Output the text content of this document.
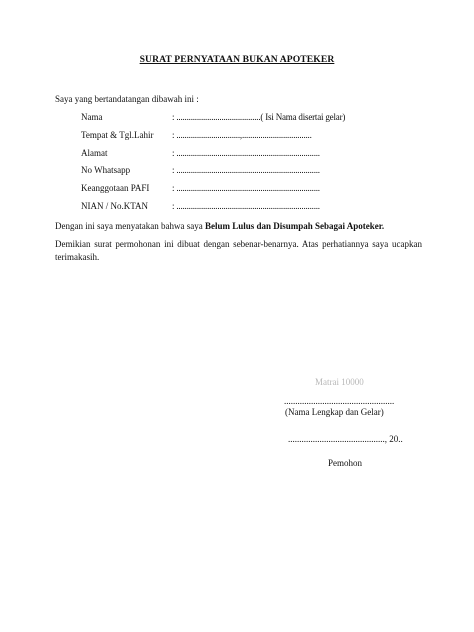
SURAT PERNYATAAN BUKAN APOTEKER
Saya yang bertandatangan dibawah ini :
Nama	: .........................................( Isi Nama disertai gelar)
Tempat & Tgl.Lahir : ...............................,..................................
Alamat	: ......................................................................
No Whatsapp	: ......................................................................
Keanggotaan PAFI	: ......................................................................
NIAN / No.KTAN	: ......................................................................
Dengan ini saya menyatakan bahwa saya Belum Lulus dan Disumpah Sebagai Apoteker.
Demikian surat permohonan ini dibuat dengan sebenar-benarnya. Atas perhatiannya saya ucapkan terimakasih.
..........................................., 20..
Pemohon
Matrai 10000
.................................................
(Nama Lengkap dan Gelar)
